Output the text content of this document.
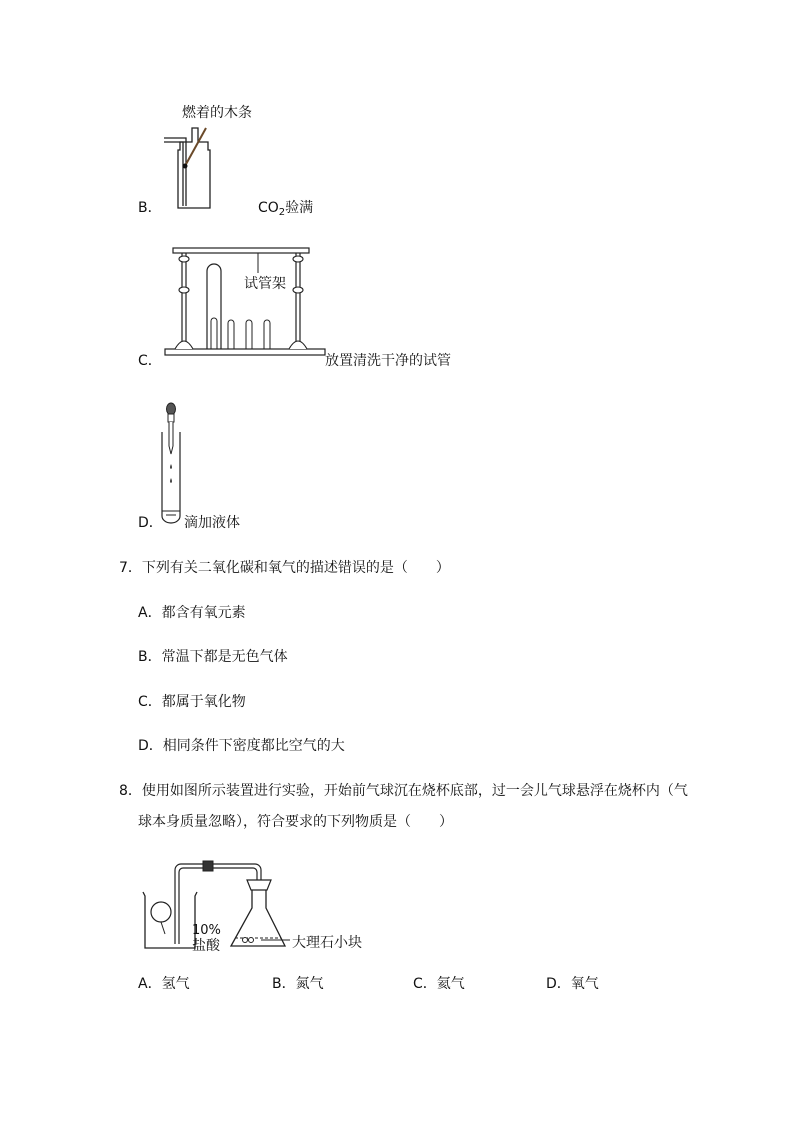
燃着的木条
B．	$CO_2$验满
试管架
C．	放置清洗干净的试管
D． 滴加液体
7．下列有关二氧化碳和氧气的描述错误的是（　　）
A．都含有氧元素
B．常温下都是无色气体
C．都属于氧化物
D．相同条件下密度都比空气的大
8．使用如图所示装置进行实验，开始前气球沉在烧杯底部，过一会儿气球悬浮在烧杯内（气
球本身质量忽略），符合要求的下列物质是（　　）
10%
盐酸	大理石小块
A．氢气	B．氮气	C．氦气	D．氧气
